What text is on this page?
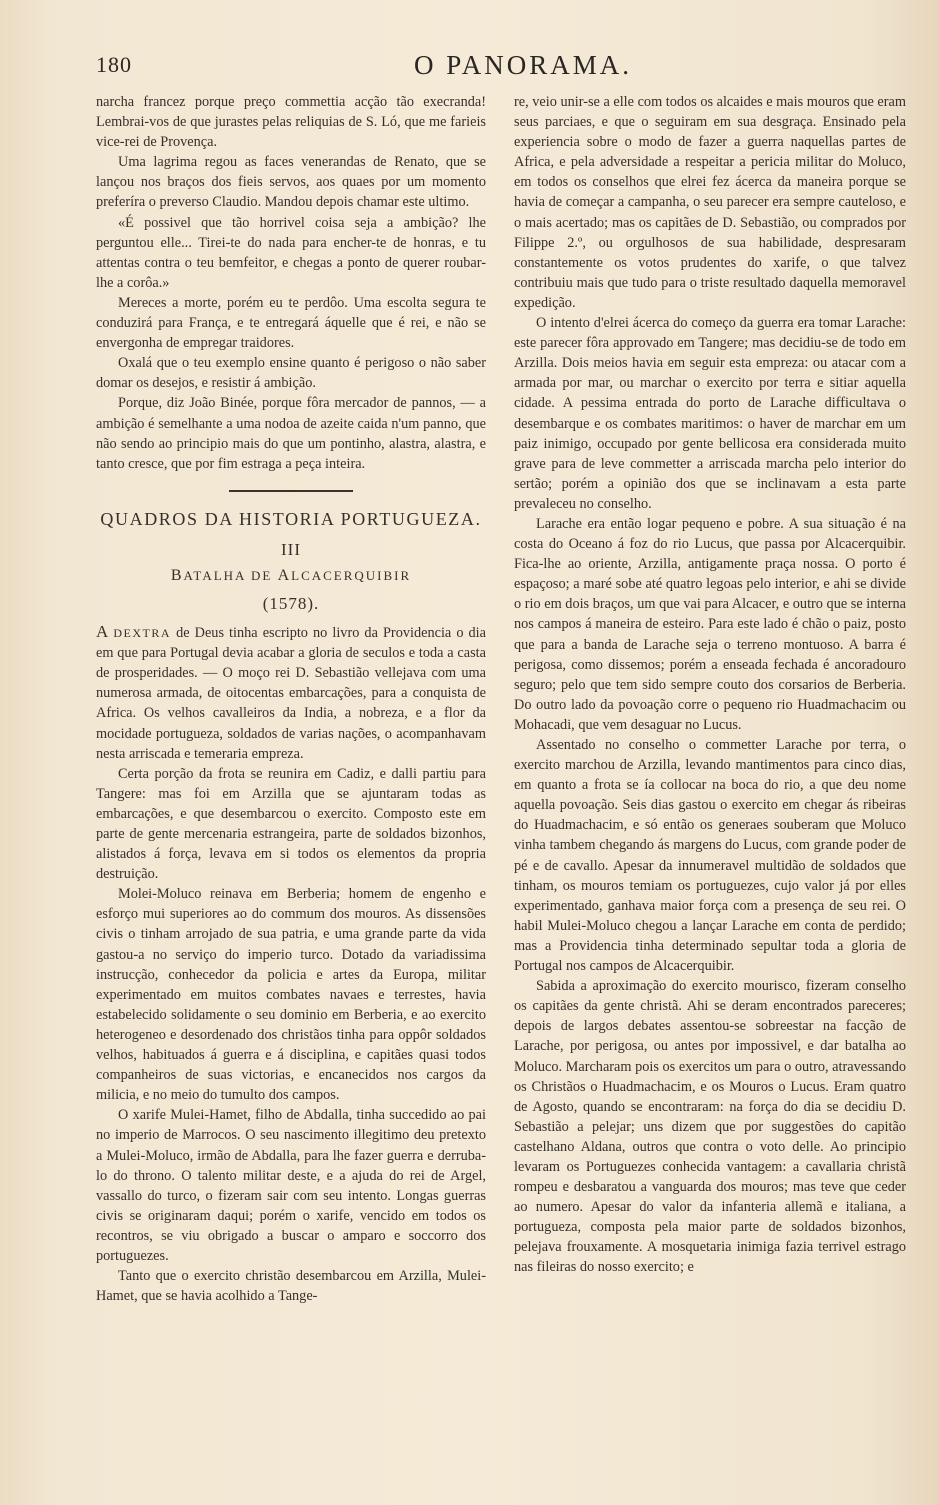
180	O PANORAMA.

narcha francez porque preço commettia acção tão execranda! Lembrai-vos de que jurastes pelas reliquias de S. Ló, que me farieis vice-rei de Provença.

Uma lagrima regou as faces venerandas de Renato, que se lançou nos braços dos fieis servos, aos quaes por um momento preferíra o preverso Claudio. Mandou depois chamar este ultimo.

«É possivel que tão horrivel coisa seja a ambição? lhe perguntou elle... Tirei-te do nada para encher-te de honras, e tu attentas contra o teu bemfeitor, e chegas a ponto de querer roubar-lhe a corôa.»

Mereces a morte, porém eu te perdôo. Uma escolta segura te conduzirá para França, e te entregará áquelle que é rei, e não se envergonha de empregar traidores.

Oxalá que o teu exemplo ensine quanto é perigoso o não saber domar os desejos, e resistir á ambição.

Porque, diz João Binée, porque fôra mercador de pannos, — a ambição é semelhante a uma nodoa de azeite caida n'um panno, que não sendo ao principio mais do que um pontinho, alastra, alastra, e tanto cresce, que por fim estraga a peça inteira.

QUADROS DA HISTORIA PORTUGUEZA.
III
BATALHA DE ALCACERQUIBIR
(1578).

A DEXTRA de Deus tinha escripto no livro da Providencia o dia em que para Portugal devia acabar a gloria de seculos e toda a casta de prosperidades. — O moço rei D. Sebastião vellejava com uma numerosa armada, de oitocentas embarcações, para a conquista de Africa. Os velhos cavalleiros da India, a nobreza, e a flor da mocidade portugueza, soldados de varias nações, o acompanhavam nesta arriscada e temeraria empreza.

Certa porção da frota se reunira em Cadiz, e dalli partiu para Tangere: mas foi em Arzilla que se ajuntaram todas as embarcações, e que desembarcou o exercito. Composto este em parte de gente mercenaria estrangeira, parte de soldados bizonhos, alistados á força, levava em si todos os elementos da propria destruição.

Molei-Moluco reinava em Berberia; homem de engenho e esforço mui superiores ao do commum dos mouros. As dissensões civis o tinham arrojado de sua patria, e uma grande parte da vida gastou-a no serviço do imperio turco. Dotado da variadissima instrucção, conhecedor da policia e artes da Europa, militar experimentado em muitos combates navaes e terrestes, havia estabelecido solidamente o seu dominio em Berberia, e ao exercito heterogeneo e desordenado dos christãos tinha para oppôr soldados velhos, habituados á guerra e á disciplina, e capitães quasi todos companheiros de suas victorias, e encanecidos nos cargos da milicia, e no meio do tumulto dos campos.

O xarife Mulei-Hamet, filho de Abdalla, tinha succedido ao pai no imperio de Marrocos. O seu nascimento illegitimo deu pretexto a Mulei-Moluco, irmão de Abdalla, para lhe fazer guerra e derruba-lo do throno. O talento militar deste, e a ajuda do rei de Argel, vassallo do turco, o fizeram sair com seu intento. Longas guerras civis se originaram daqui; porém o xarife, vencido em todos os recontros, se viu obrigado a buscar o amparo e soccorro dos portuguezes.

Tanto que o exercito christão desembarcou em Arzilla, Mulei-Hamet, que se havia acolhido a Tange-

re, veio unir-se a elle com todos os alcaides e mais mouros que eram seus parciaes, e que o seguiram em sua desgraça. Ensinado pela experiencia sobre o modo de fazer a guerra naquellas partes de Africa, e pela adversidade a respeitar a pericia militar do Moluco, em todos os conselhos que elrei fez ácerca da maneira porque se havia de começar a campanha, o seu parecer era sempre cauteloso, e o mais acertado; mas os capitães de D. Sebastião, ou comprados por Filippe 2.º, ou orgulhosos de sua habilidade, despresaram constantemente os votos prudentes do xarife, o que talvez contribuiu mais que tudo para o triste resultado daquella memoravel expedição.

O intento d'elrei ácerca do começo da guerra era tomar Larache: este parecer fôra approvado em Tangere; mas decidiu-se de todo em Arzilla. Dois meios havia em seguir esta empreza: ou atacar com a armada por mar, ou marchar o exercito por terra e sitiar aquella cidade. A pessima entrada do porto de Larache difficultava o desembarque e os combates maritimos: o haver de marchar em um paiz inimigo, occupado por gente bellicosa era considerada muito grave para de leve commetter a arriscada marcha pelo interior do sertão; porém a opinião dos que se inclinavam a esta parte prevaleceu no conselho.

Larache era então logar pequeno e pobre. A sua situação é na costa do Oceano á foz do rio Lucus, que passa por Alcacerquibir. Fica-lhe ao oriente, Arzilla, antigamente praça nossa. O porto é espaçoso; a maré sobe até quatro legoas pelo interior, e ahi se divide o rio em dois braços, um que vai para Alcacer, e outro que se interna nos campos á maneira de esteiro. Para este lado é chão o paiz, posto que para a banda de Larache seja o terreno montuoso. A barra é perigosa, como dissemos; porém a enseada fechada é ancoradouro seguro; pelo que tem sido sempre couto dos corsarios de Berberia. Do outro lado da povoação corre o pequeno rio Huadmachacim ou Mohacadi, que vem desaguar no Lucus.

Assentado no conselho o commetter Larache por terra, o exercito marchou de Arzilla, levando mantimentos para cinco dias, em quanto a frota se ía collocar na boca do rio, a que deu nome aquella povoação. Seis dias gastou o exercito em chegar ás ribeiras do Huadmachacim, e só então os generaes souberam que Moluco vinha tambem chegando ás margens do Lucus, com grande poder de pé e de cavallo. Apesar da innumeravel multidão de soldados que tinham, os mouros temiam os portuguezes, cujo valor já por elles experimentado, ganhava maior força com a presença de seu rei. O habil Mulei-Moluco chegou a lançar Larache em conta de perdido; mas a Providencia tinha determinado sepultar toda a gloria de Portugal nos campos de Alcacerquibir.

Sabida a aproximação do exercito mourisco, fizeram conselho os capitães da gente christã. Ahi se deram encontrados pareceres; depois de largos debates assentou-se sobreestar na facção de Larache, por perigosa, ou antes por impossivel, e dar batalha ao Moluco. Marcharam pois os exercitos um para o outro, atravessando os Christãos o Huadmachacim, e os Mouros o Lucus. Eram quatro de Agosto, quando se encontraram: na força do dia se decidiu D. Sebastião a pelejar; uns dizem que por suggestões do capitão castelhano Aldana, outros que contra o voto delle. Ao principio levaram os Portuguezes conhecida vantagem: a cavallaria christã rompeu e desbaratou a vanguarda dos mouros; mas teve que ceder ao numero. Apesar do valor da infanteria allemã e italiana, a portugueza, composta pela maior parte de soldados bizonhos, pelejava frouxamente. A mosquetaria inimiga fazia terrivel estrago nas fileiras do nosso exercito; e
